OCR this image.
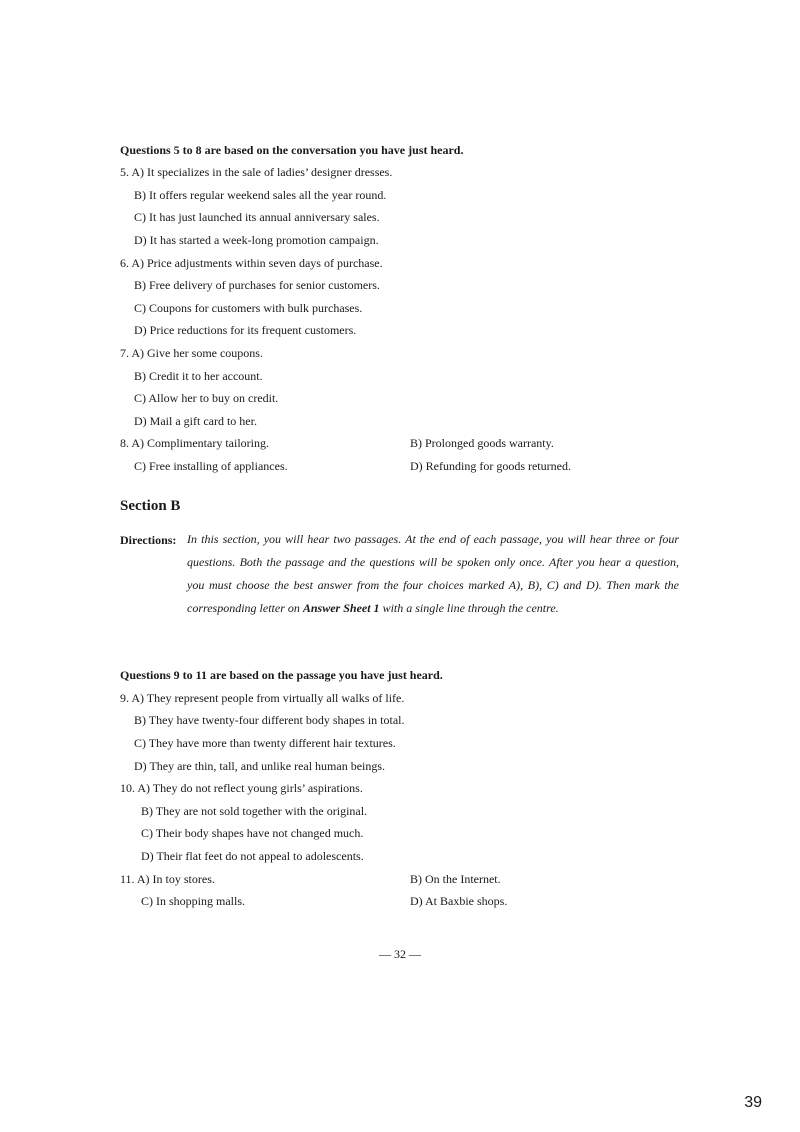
Questions 5 to 8 are based on the conversation you have just heard.
5. A) It specializes in the sale of ladies’ designer dresses.
B) It offers regular weekend sales all the year round.
C) It has just launched its annual anniversary sales.
D) It has started a week-long promotion campaign.
6. A) Price adjustments within seven days of purchase.
B) Free delivery of purchases for senior customers.
C) Coupons for customers with bulk purchases.
D) Price reductions for its frequent customers.
7. A) Give her some coupons.
B) Credit it to her account.
C) Allow her to buy on credit.
D) Mail a gift card to her.
8. A) Complimentary tailoring.	B) Prolonged goods warranty.
C) Free installing of appliances.	D) Refunding for goods returned.
Section B
Directions: In this section, you will hear two passages. At the end of each passage, you will hear three or four questions. Both the passage and the questions will be spoken only once. After you hear a question, you must choose the best answer from the four choices marked A), B), C) and D). Then mark the corresponding letter on Answer Sheet 1 with a single line through the centre.
Questions 9 to 11 are based on the passage you have just heard.
9. A) They represent people from virtually all walks of life.
B) They have twenty-four different body shapes in total.
C) They have more than twenty different hair textures.
D) They are thin, tall, and unlike real human beings.
10. A) They do not reflect young girls’ aspirations.
B) They are not sold together with the original.
C) Their body shapes have not changed much.
D) Their flat feet do not appeal to adolescents.
11. A) In toy stores.	B) On the Internet.
C) In shopping malls.	D) At Baxbie shops.
— 32 —
39
